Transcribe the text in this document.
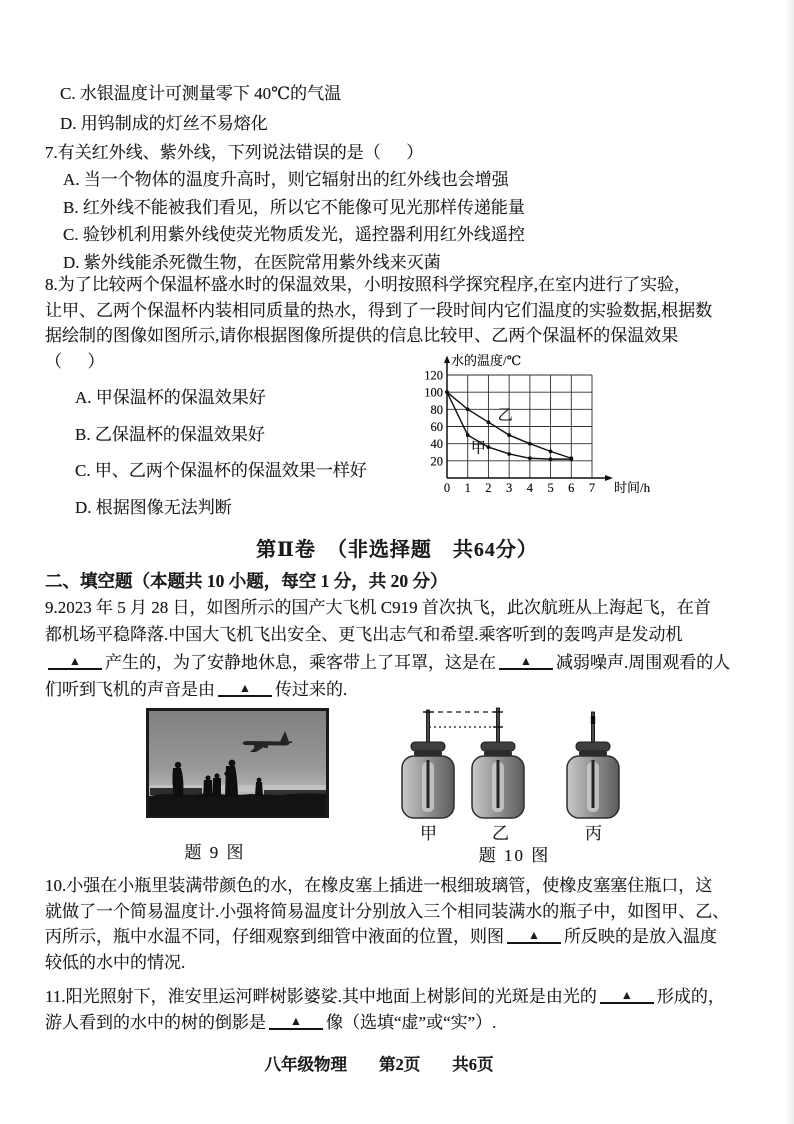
C. 水银温度计可测量零下 40℃的气温
D. 用钨制成的灯丝不易熔化
7.有关红外线、紫外线，下列说法错误的是（      ）
A. 当一个物体的温度升高时，则它辐射出的红外线也会增强
B. 红外线不能被我们看见，所以它不能像可见光那样传递能量
C. 验钞机利用紫外线使荧光物质发光，遥控器利用红外线遥控
D. 紫外线能杀死微生物，在医院常用紫外线来灭菌
8.为了比较两个保温杯盛水时的保温效果，小明按照科学探究程序,在室内进行了实验，
让甲、乙两个保温杯内装相同质量的热水，得到了一段时间内它们温度的实验数据,根据数
据绘制的图像如图所示,请你根据图像所提供的信息比较甲、乙两个保温杯的保温效果
（      ）
A. 甲保温杯的保温效果好
B. 乙保温杯的保温效果好
C. 甲、乙两个保温杯的保温效果一样好
D. 根据图像无法判断
20
40
60
80
100
120
0 1 2 3 4 5 6 7
水的温度/℃
时间/h
甲
乙
第Ⅱ卷　（非选择题　共64分）
二、填空题（本题共 10 小题，每空 1 分，共 20 分）
9.2023 年 5 月 28 日，如图所示的国产大飞机 C919 首次执飞，此次航班从上海起飞，在首
都机场平稳降落.中国大飞机飞出安全、更飞出志气和希望.乘客听到的轰鸣声是发动机
▲ 产生的，为了安静地休息，乘客带上了耳罩，这是在 ▲ 减弱噪声.周围观看的人
们听到飞机的声音是由 ▲ 传过来的.
题 9 图
甲	乙	丙
题 10 图
10.小强在小瓶里装满带颜色的水，在橡皮塞上插进一根细玻璃管，使橡皮塞塞住瓶口，这
就做了一个简易温度计.小强将简易温度计分别放入三个相同装满水的瓶子中，如图甲、乙、
丙所示，瓶中水温不同，仔细观察到细管中液面的位置，则图 ▲ 所反映的是放入温度
较低的水中的情况.
11.阳光照射下，淮安里运河畔树影婆娑.其中地面上树影间的光斑是由光的 ▲ 形成的，
游人看到的水中的树的倒影是 ▲ 像（选填“虚”或“实”）.
八年级物理 第2页 共6页
